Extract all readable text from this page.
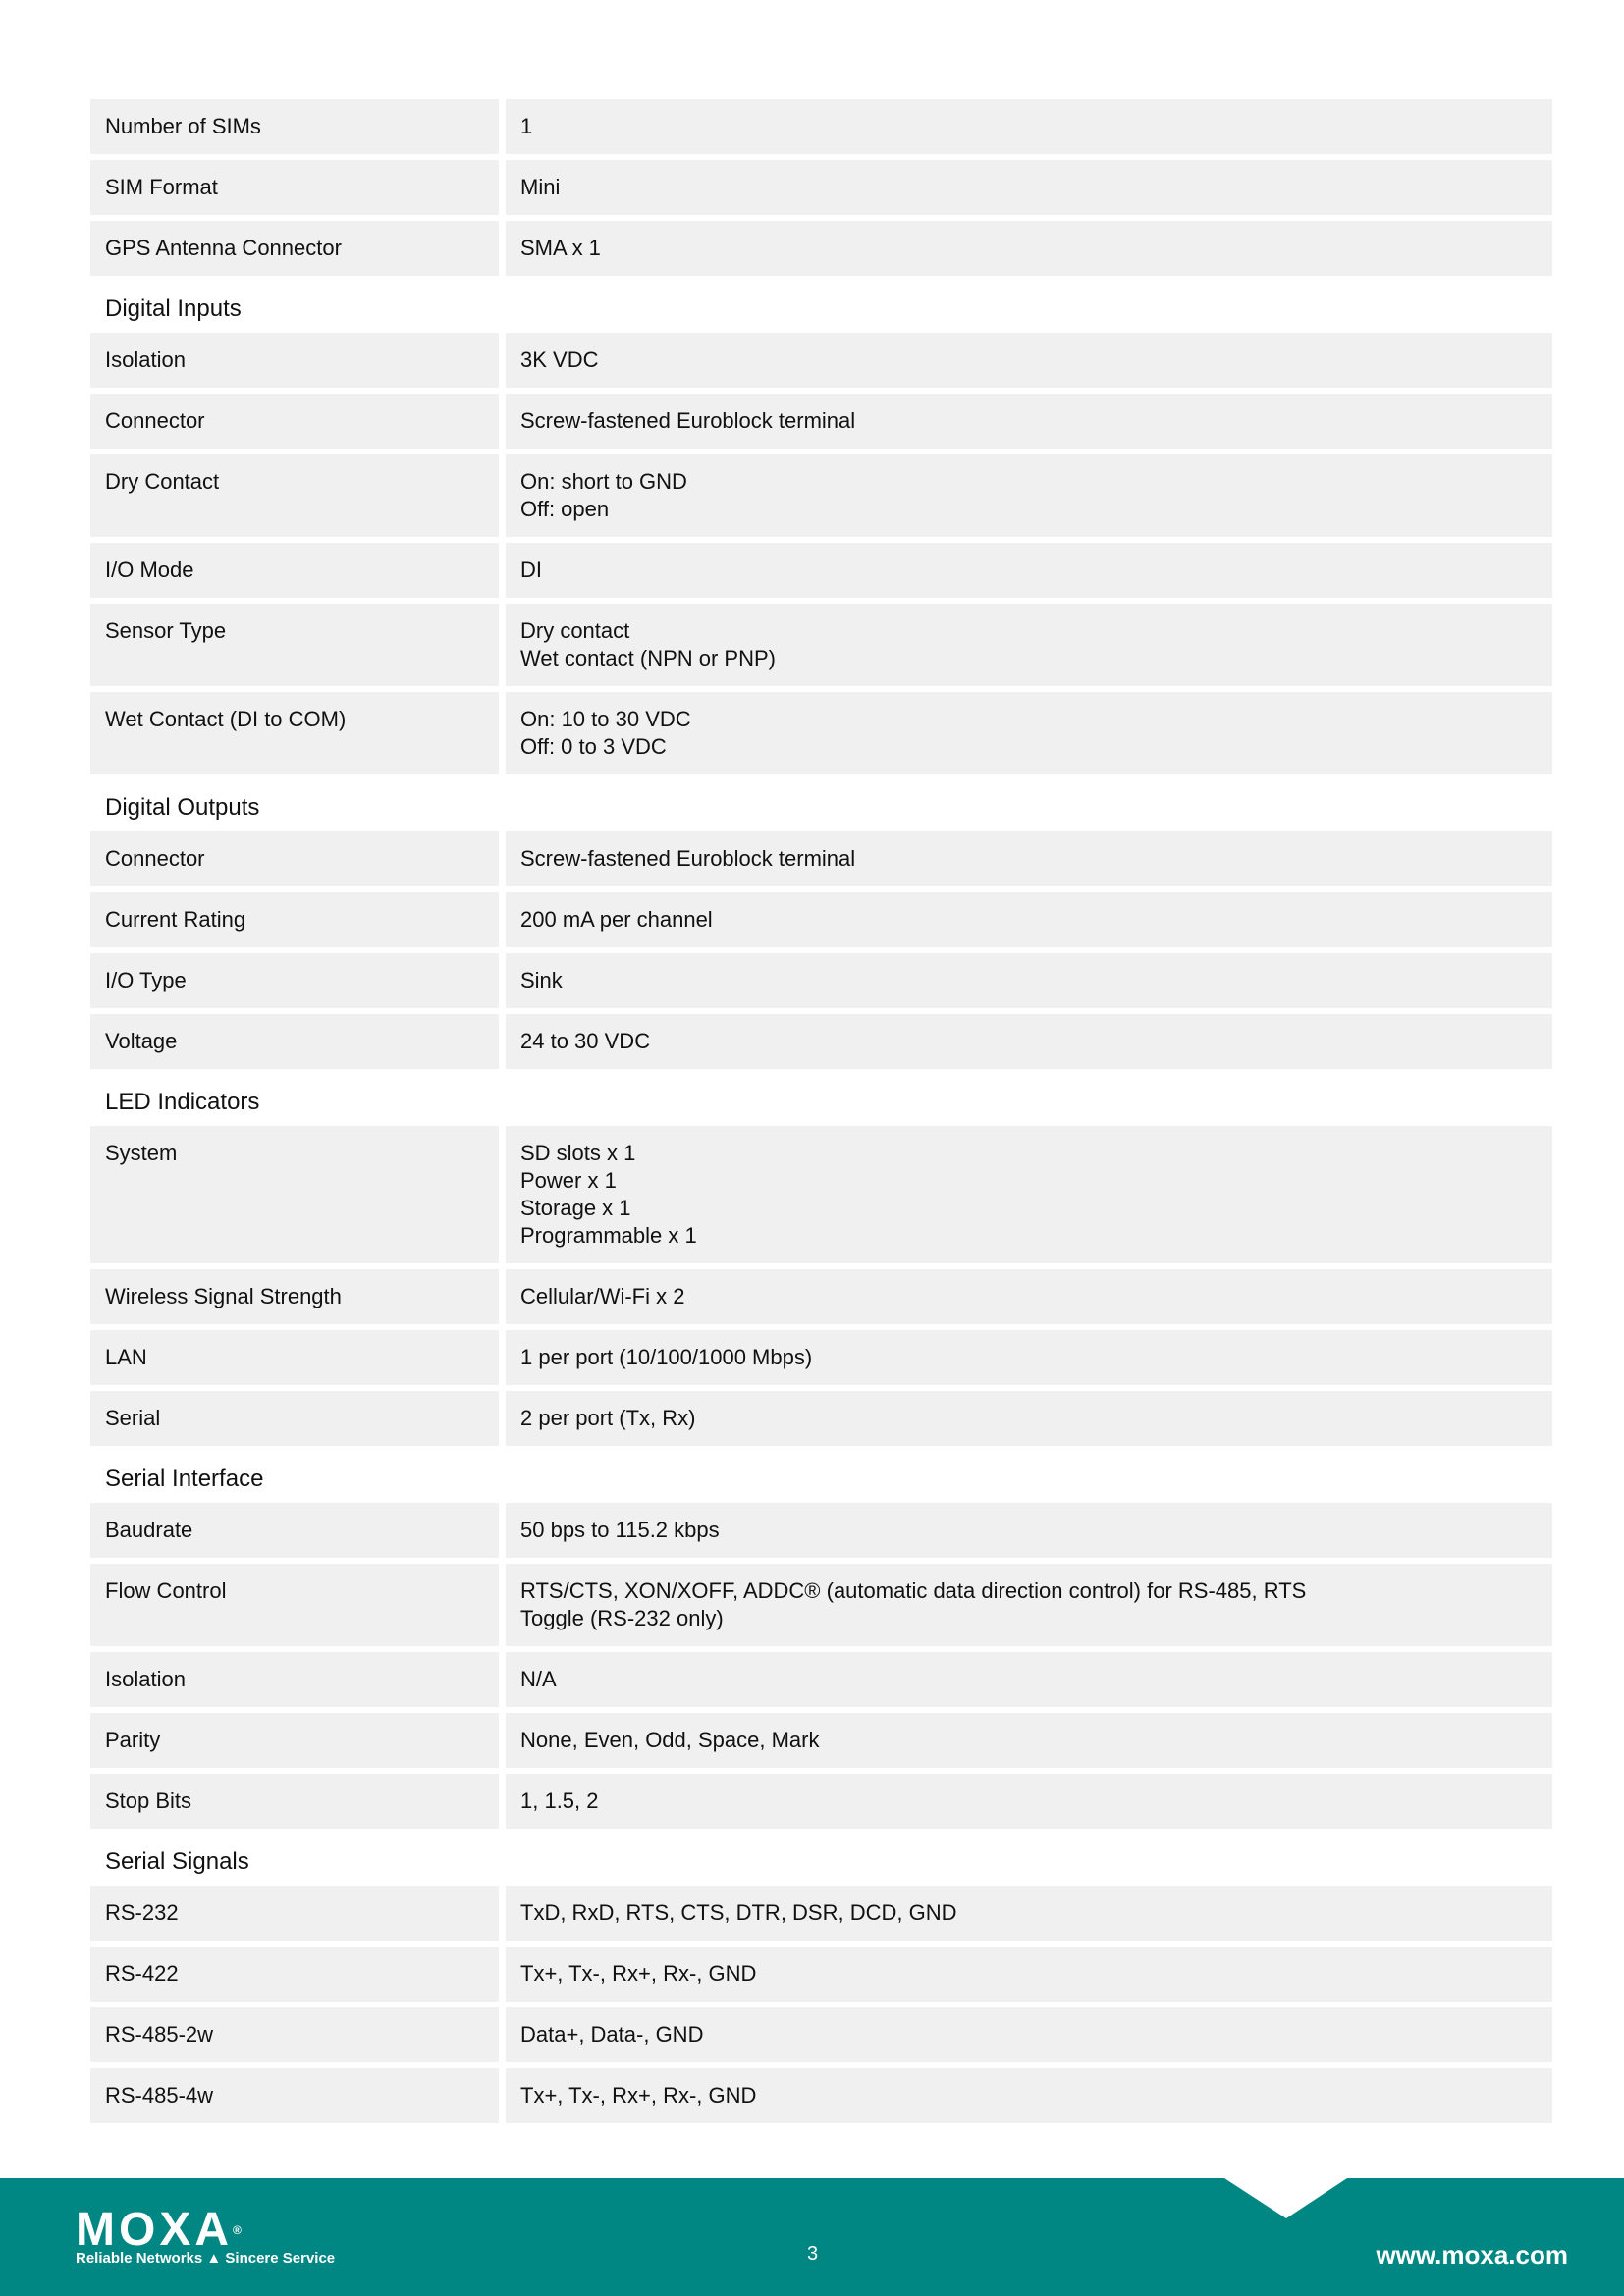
Number of SIMs	1
SIM Format	Mini
GPS Antenna Connector	SMA x 1
Digital Inputs
Isolation	3K VDC
Connector	Screw-fastened Euroblock terminal
Dry Contact	On: short to GND
Off: open
I/O Mode	DI
Sensor Type	Dry contact
Wet contact (NPN or PNP)
Wet Contact (DI to COM)	On: 10 to 30 VDC
Off: 0 to 3 VDC
Digital Outputs
Connector	Screw-fastened Euroblock terminal
Current Rating	200 mA per channel
I/O Type	Sink
Voltage	24 to 30 VDC
LED Indicators
System	SD slots x 1
Power x 1
Storage x 1
Programmable x 1
Wireless Signal Strength	Cellular/Wi-Fi x 2
LAN	1 per port (10/100/1000 Mbps)
Serial	2 per port (Tx, Rx)
Serial Interface
Baudrate	50 bps to 115.2 kbps
Flow Control	RTS/CTS, XON/XOFF, ADDC® (automatic data direction control) for RS-485, RTS
Toggle (RS-232 only)
Isolation	N/A
Parity	None, Even, Odd, Space, Mark
Stop Bits	1, 1.5, 2
Serial Signals
RS-232	TxD, RxD, RTS, CTS, DTR, DSR, DCD, GND
RS-422	Tx+, Tx-, Rx+, Rx-, GND
RS-485-2w	Data+, Data-, GND
RS-485-4w	Tx+, Tx-, Rx+, Rx-, GND
MOXA®
Reliable Networks ▲ Sincere Service	3	www.moxa.com
